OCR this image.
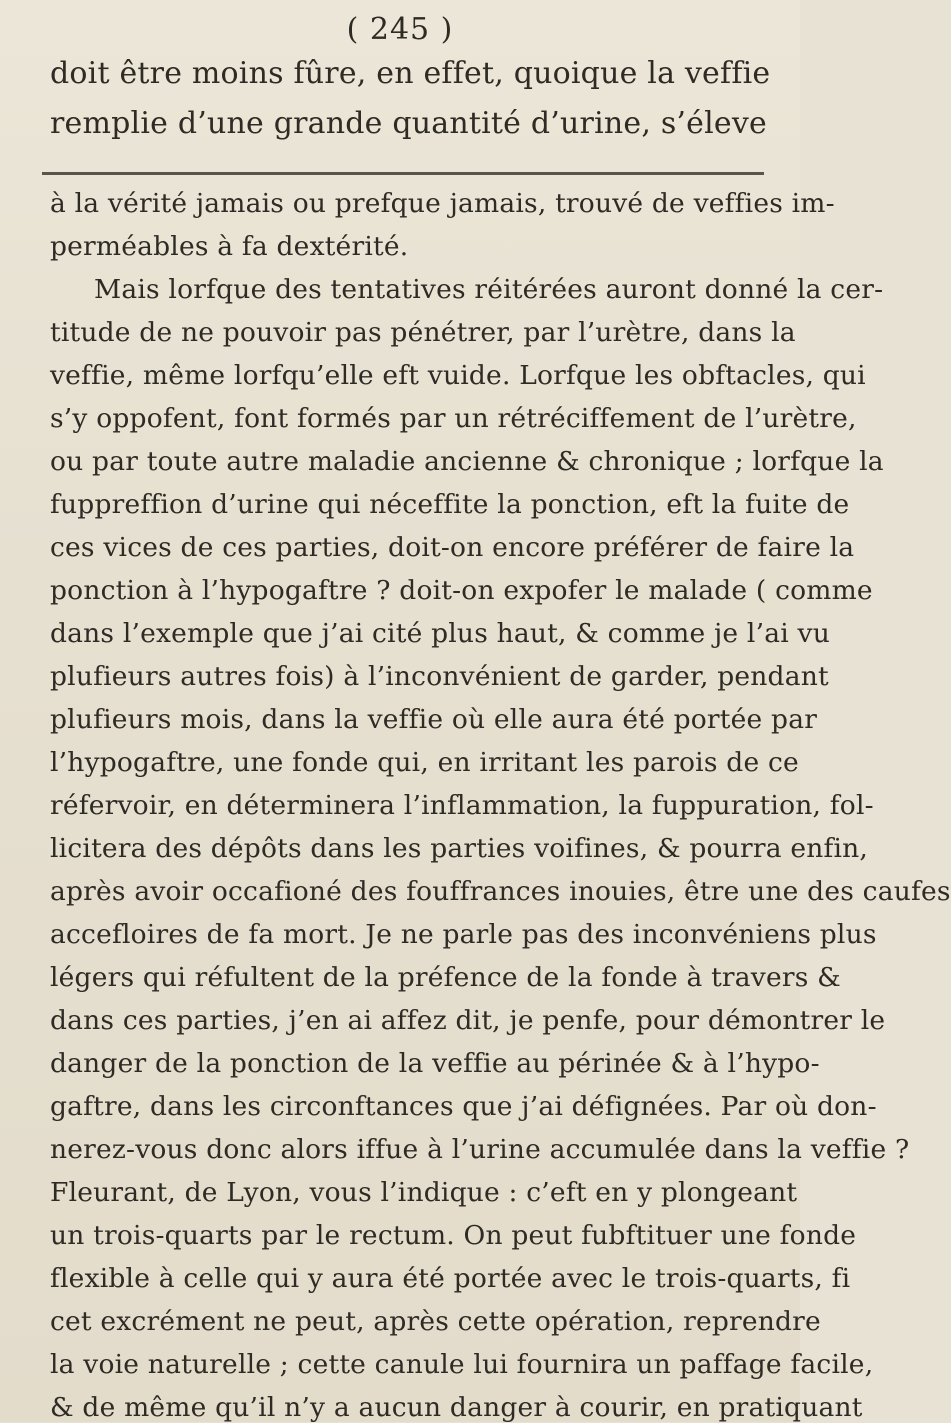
( 245 )
doit être moins fûre, en effet, quoique la veffie
remplie d’une grande quantité d’urine, s’éleve
à la vérité jamais ou prefque jamais, trouvé de veffies im-
perméables à fa dextérité.
Mais lorfque des tentatives réitérées auront donné la cer-
titude de ne pouvoir pas pénétrer, par l’urètre, dans la
veffie, même lorfqu’elle eft vuide. Lorfque les obftacles, qui
s’y oppofent, font formés par un rétréciffement de l’urètre,
ou par toute autre maladie ancienne & chronique ; lorfque la
fuppreffion d’urine qui néceffite la ponction, eft la fuite de
ces vices de ces parties, doit-on encore préférer de faire la
ponction à l’hypogaftre ? doit-on expofer le malade ( comme
dans l’exemple que j’ai cité plus haut, & comme je l’ai vu
plufieurs autres fois) à l’inconvénient de garder, pendant
plufieurs mois, dans la veffie où elle aura été portée par
l’hypogaftre, une fonde qui, en irritant les parois de ce
réfervoir, en déterminera l’inflammation, la fuppuration, fol-
licitera des dépôts dans les parties voifines, & pourra enfin,
après avoir occafioné des fouffrances inouies, être une des caufes
accefloires de fa mort. Je ne parle pas des inconvéniens plus
légers qui réfultent de la préfence de la fonde à travers &
dans ces parties, j’en ai affez dit, je penfe, pour démontrer le
danger de la ponction de la veffie au périnée & à l’hypo-
gaftre, dans les circonftances que j’ai défignées. Par où don-
nerez-vous donc alors iffue à l’urine accumulée dans la veffie ?
Fleurant, de Lyon, vous l’indique : c’eft en y plongeant
un trois-quarts par le rectum. On peut fubftituer une fonde
flexible à celle qui y aura été portée avec le trois-quarts, fi
cet excrément ne peut, après cette opération, reprendre
la voie naturelle ; cette canule lui fournira un paffage facile,
& de même qu’il n’y a aucun danger à courir, en pratiquant
